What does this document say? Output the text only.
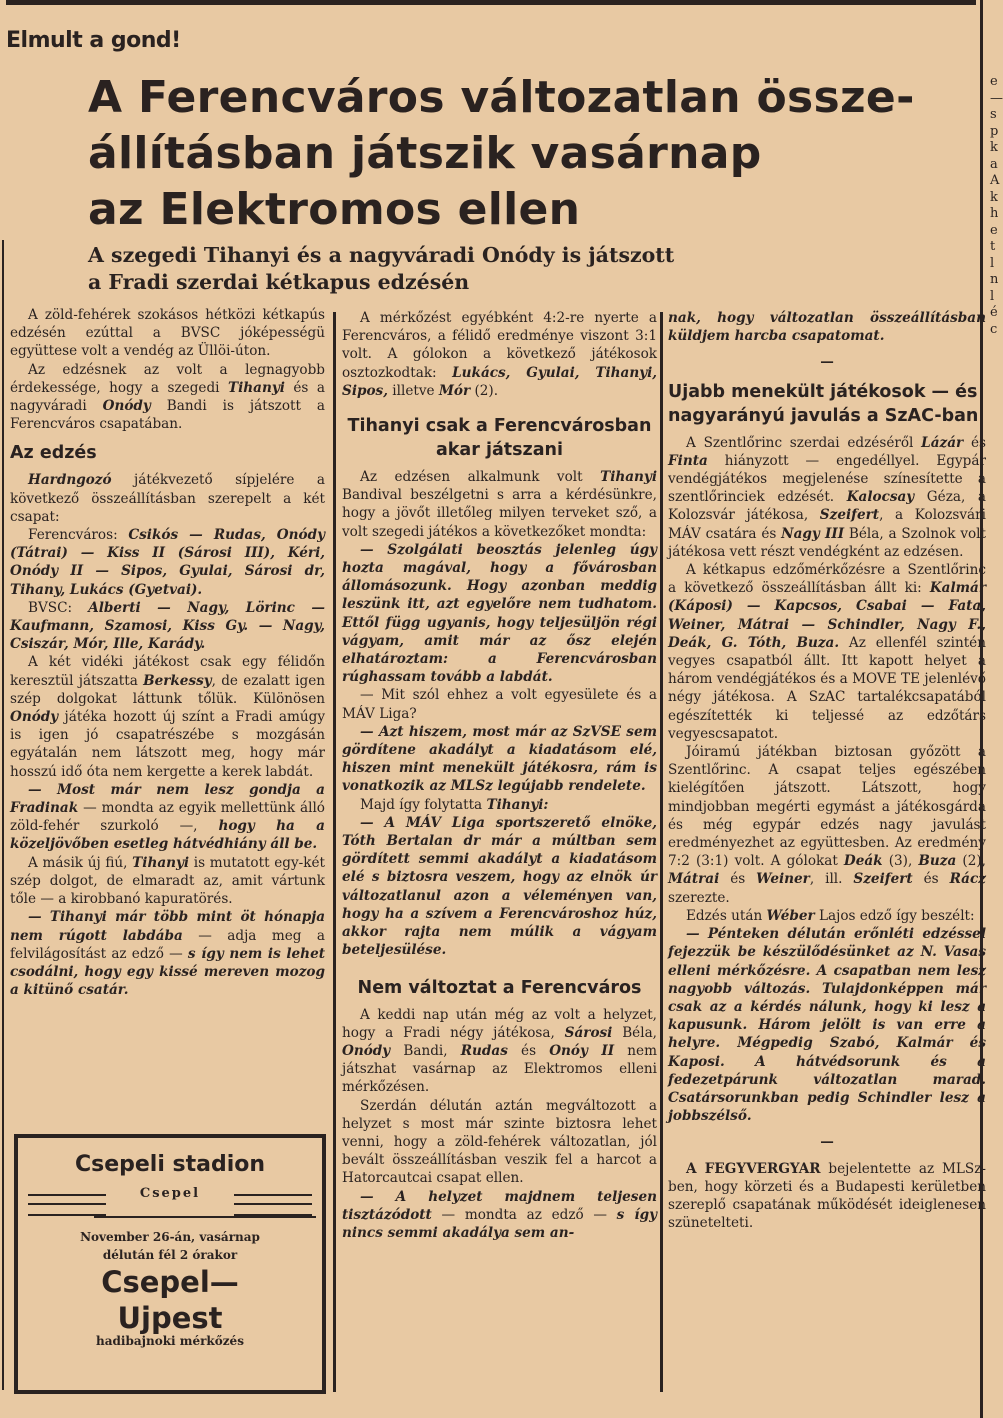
Elmult a gond!
A Ferencváros változatlan össze-
állításban játszik vasárnap
az Elektromos ellen
A szegedi Tihanyi és a nagyváradi Onódy is játszott
a Fradi szerdai kétkapus edzésén

A zöld-fehérek szokásos hétközi kétkapús edzésén ezúttal a BVSC jóképességü együttese volt a vendég az Üllöi-úton.

Az edzésnek az volt a legnagyobb érdekessége, hogy a szegedi Tihanyi és a nagyváradi Onódy Bandi is játszott a Ferencváros csapatában.

Az edzés

Hardngozó játékvezető sípjelére a következő összeállításban szerepelt a két csapat:

Ferencváros: Csikós — Rudas, Onódy (Tátrai) — Kiss II (Sárosi III), Kéri, Onódy II — Sipos, Gyulai, Sárosi dr, Tihany, Lukács (Gyetvai).

BVSC: Alberti — Nagy, Lörinc — Kaufmann, Szamosi, Kiss Gy. — Nagy, Csiszár, Mór, Ille, Karády.

A két vidéki játékost csak egy félidőn keresztül játszatta Berkessy, de ezalatt igen szép dolgokat láttunk tőlük. Különösen Onódy játéka hozott új színt a Fradi amúgy is igen jó csapatrészébe s mozgásán egyátalán nem látszott meg, hogy már hosszú idő óta nem kergette a kerek labdát.

— Most már nem lesz gondja a Fradinak — mondta az egyik mellettünk álló zöld-fehér szurkoló —, hogy ha a közeljövőben esetleg hátvédhiány áll be.

A másik új fiú, Tihanyi is mutatott egy-két szép dolgot, de elmaradt az, amit vártunk tőle — a kirobbanó kapuratörés.

— Tihanyi már több mint öt hónapja nem rúgott labdába — adja meg a felvilágosítást az edző — s így nem is lehet csodálni, hogy egy kissé mereven mozog a kitünő csatár.

Csepeli stadion
Csepel
November 26-án, vasárnap
délután fél 2 órakor
Csepel—
Ujpest
hadibajnoki mérkőzés

A mérkőzést egyébként 4:2-re nyerte a Ferencváros, a félidő eredménye viszont 3:1 volt. A gólokon a következő játékosok osztozkodtak: Lukács, Gyulai, Tihanyi, Sipos, illetve Mór (2).

Tihanyi csak a Ferencvárosban akar játszani

Az edzésen alkalmunk volt Tihanyi Bandival beszélgetni s arra a kérdésünkre, hogy a jövőt illetőleg milyen terveket sző, a volt szegedi játékos a következőket mondta:

— Szolgálati beosztás jelenleg úgy hozta magával, hogy a fővárosban állomásozunk. Hogy azonban meddig leszünk itt, azt egyelőre nem tudhatom. Ettől függ ugyanis, hogy teljesüljön régi vágyam, amit már az ősz elején elhatároztam: a Ferencvárosban rúghassam tovább a labdát.

— Mit szól ehhez a volt egyesülete és a MÁV Liga?

— Azt hiszem, most már az SzVSE sem gördítene akadályt a kiadatásom elé, hiszen mint menekült játékosra, rám is vonatkozik az MLSz legújabb rendelete.

Majd így folytatta Tihanyi:

— A MÁV Liga sportszerető elnöke, Tóth Bertalan dr már a múltban sem gördített semmi akadályt a kiadatásom elé s biztosra veszem, hogy az elnök úr változatlanul azon a véleményen van, hogy ha a szívem a Ferencvároshoz húz, akkor rajta nem múlik a vágyam beteljesülése.

Nem változtat a Ferencváros

A keddi nap után még az volt a helyzet, hogy a Fradi négy játékosa, Sárosi Béla, Onódy Bandi, Rudas és Onóy II nem játszhat vasárnap az Elektromos elleni mérkőzésen.

Szerdán délután aztán megváltozott a helyzet s most már szinte biztosra lehet venni, hogy a zöld-fehérek változatlan, jól bevált összeállításban veszik fel a harcot a Hatorcautcai csapat ellen.

— A helyzet majdnem teljesen tisztázódott — mondta az edző — s így nincs semmi akadálya sem an-

nak, hogy változatlan összeállításban küldjem harcba csapatomat.

—
Ujabb menekült játékosok — és nagyarányú javulás a SzAC-ban

A Szentlőrinc szerdai edzéséről Lázár és Finta hiányzott — engedéllyel. Egypár vendégjátékos megjelenése színesítette a szentlőrinciek edzését. Kalocsay Géza, a Kolozsvár játékosa, Szeifert, a Kolozsvári MÁV csatára és Nagy III Béla, a Szolnok volt játékosa vett részt vendégként az edzésen.

A kétkapus edzőmérkőzésre a Szentlőrinc a következő összeállításban állt ki: Kalmár (Káposi) — Kapcsos, Csabai — Fata, Weiner, Mátrai — Schindler, Nagy F., Deák, G. Tóth, Buza. Az ellenfél szintén vegyes csapatból állt. Itt kapott helyet a három vendégjátékos és a MOVE TE jelenlévő négy játékosa. A SzAC tartalékcsapatából egészítették ki teljessé az edzőtárs vegyescsapatot.

Jóiramú játékban biztosan győzött a Szentlőrinc. A csapat teljes egészében kielégítően játszott. Látszott, hogy mindjobban megérti egymást a játékosgárda és még egypár edzés nagy javulást eredményezhet az együttesben. Az eredmény 7:2 (3:1) volt. A gólokat Deák (3), Buza (2), Mátrai és Weiner, ill. Szeifert és Rácz szerezte.

Edzés után Wéber Lajos edző így beszélt:

— Pénteken délután erőnléti edzéssel fejezzük be készülődésünket az N. Vasas elleni mérkőzésre. A csapatban nem lesz nagyobb változás. Tulajdonképpen már csak az a kérdés nálunk, hogy ki lesz a kapusunk. Három jelölt is van erre a helyre. Mégpedig Szabó, Kalmár és Kaposi. A hátvédsorunk és a fedezetpárunk változatlan marad. Csatársorunkban pedig Schindler lesz a jobbszélső.

—

A FEGYVERGYAR bejelentette az MLSz-ben, hogy körzeti és a Budapesti kerületben szereplő csapatának működését ideiglenesen szünetelteti.

e — s p k a A k h e t l n l é c
